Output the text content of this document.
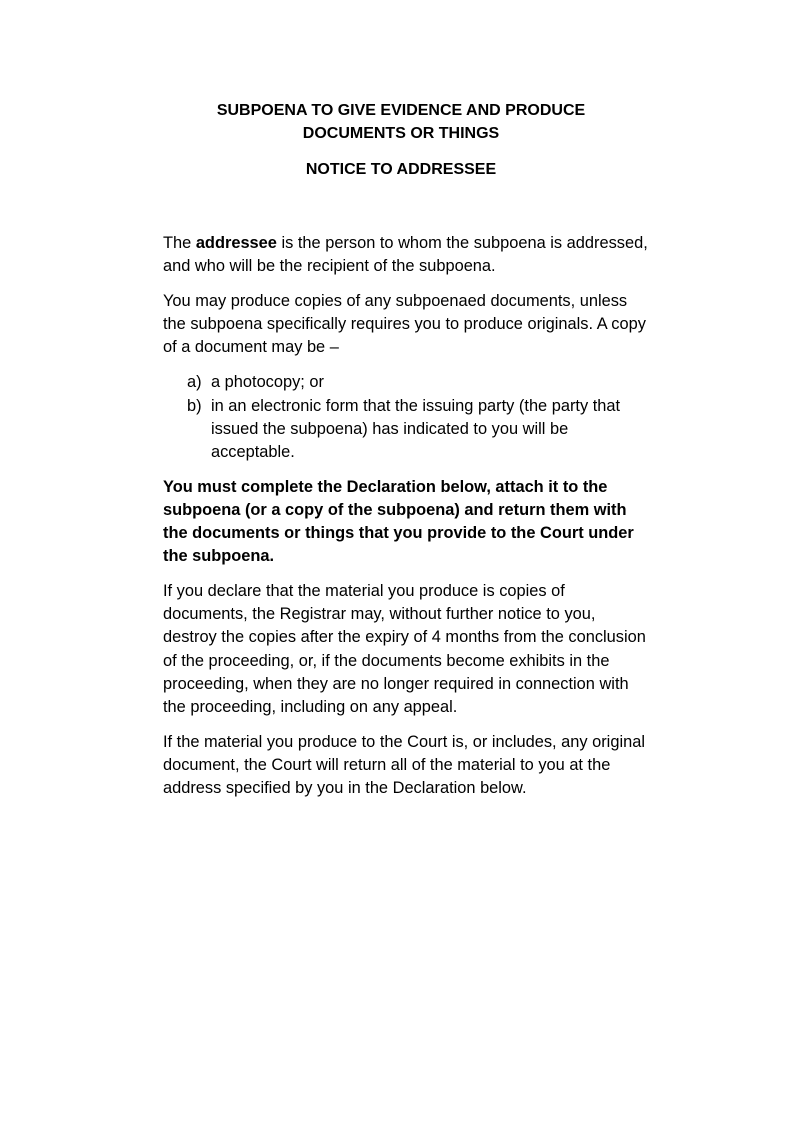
SUBPOENA TO GIVE EVIDENCE AND PRODUCE
DOCUMENTS OR THINGS
NOTICE TO ADDRESSEE

The addressee is the person to whom the subpoena is addressed, and who will be the recipient of the subpoena.

You may produce copies of any subpoenaed documents, unless the subpoena specifically requires you to produce originals. A copy of a document may be –

a) a photocopy; or
b) in an electronic form that the issuing party (the party that issued the subpoena) has indicated to you will be acceptable.

You must complete the Declaration below, attach it to the subpoena (or a copy of the subpoena) and return them with the documents or things that you provide to the Court under the subpoena.

If you declare that the material you produce is copies of documents, the Registrar may, without further notice to you, destroy the copies after the expiry of 4 months from the conclusion of the proceeding, or, if the documents become exhibits in the proceeding, when they are no longer required in connection with the proceeding, including on any appeal.

If the material you produce to the Court is, or includes, any original document, the Court will return all of the material to you at the address specified by you in the Declaration below.
